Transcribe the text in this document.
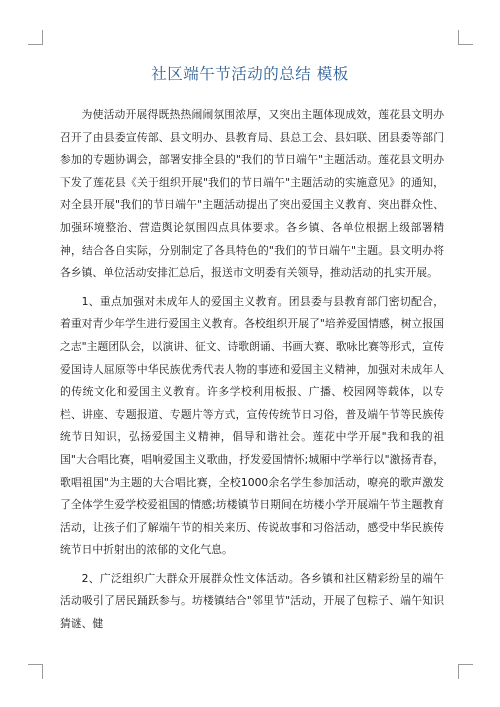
社区端午节活动的总结 模板

为使活动开展得既热热闹闹氛围浓厚，又突出主题体现成效，莲花县文明办召开了由县委宣传部、县文明办、县教育局、县总工会、县妇联、团县委等部门参加的专题协调会，部署安排全县的"我们的节日端午"主题活动。莲花县文明办下发了莲花县《关于组织开展"我们的节日端午"主题活动的实施意见》的通知，对全县开展"我们的节日端午"主题活动提出了突出爱国主义教育、突出群众性、加强环境整治、营造舆论氛围四点具体要求。各乡镇、各单位根据上级部署精神，结合各自实际，分别制定了各具特色的"我们的节日端午"主题。县文明办将各乡镇、单位活动安排汇总后，报送市文明委有关领导，推动活动的扎实开展。

1、重点加强对未成年人的爱国主义教育。团县委与县教育部门密切配合，着重对青少年学生进行爱国主义教育。各校组织开展了"培养爱国情感，树立报国之志"主题团队会，以演讲、征文、诗歌朗诵、书画大赛、歌咏比赛等形式，宣传爱国诗人屈原等中华民族优秀代表人物的事迹和爱国主义精神，加强对未成年人的传统文化和爱国主义教育。许多学校利用板报、广播、校园网等载体，以专栏、讲座、专题报道、专题片等方式，宣传传统节日习俗，普及端午节等民族传统节日知识，弘扬爱国主义精神，倡导和谐社会。莲花中学开展"我和我的祖国"大合唱比赛，唱响爱国主义歌曲，抒发爱国情怀;城厢中学举行以"激扬青春，歌唱祖国"为主题的大合唱比赛，全校1000余名学生参加活动，嘹亮的歌声激发了全体学生爱学校爱祖国的情感;坊楼镇节日期间在坊楼小学开展端午节主题教育活动，让孩子们了解端午节的相关来历、传说故事和习俗活动，感受中华民族传统节日中折射出的浓郁的文化气息。

2、广泛组织广大群众开展群众性文体活动。各乡镇和社区精彩纷呈的端午活动吸引了居民踊跃参与。坊楼镇结合"邻里节"活动，开展了包粽子、端午知识猜谜、健
